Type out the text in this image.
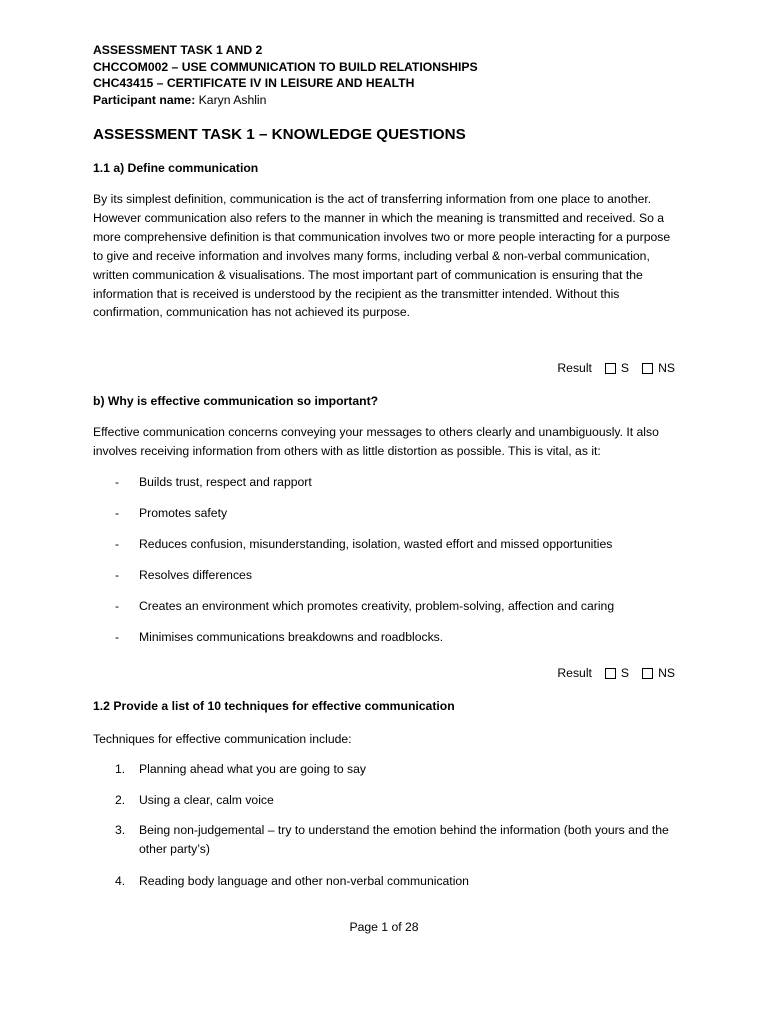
ASSESSMENT TASK 1 AND 2
CHCCOM002 – USE COMMUNICATION TO BUILD RELATIONSHIPS
CHC43415 – CERTIFICATE IV IN LEISURE AND HEALTH
Participant name: Karyn Ashlin
ASSESSMENT TASK 1 – KNOWLEDGE QUESTIONS
1.1 a) Define communication
By its simplest definition, communication is the act of transferring information from one place to another. However communication also refers to the manner in which the meaning is transmitted and received. So a more comprehensive definition is that communication involves two or more people interacting for a purpose to give and receive information and involves many forms, including verbal & non-verbal communication, written communication & visualisations. The most important part of communication is ensuring that the information that is received is understood by the recipient as the transmitter intended. Without this confirmation, communication has not achieved its purpose.
Result S NS
b) Why is effective communication so important?
Effective communication concerns conveying your messages to others clearly and unambiguously. It also involves receiving information from others with as little distortion as possible. This is vital, as it:
-	Builds trust, respect and rapport
-	Promotes safety
-	Reduces confusion, misunderstanding, isolation, wasted effort and missed opportunities
-	Resolves differences
-	Creates an environment which promotes creativity, problem-solving, affection and caring
-	Minimises communications breakdowns and roadblocks.
Result S NS
1.2 Provide a list of 10 techniques for effective communication
Techniques for effective communication include:
1.	Planning ahead what you are going to say
2.	Using a clear, calm voice
3.	Being non-judgemental – try to understand the emotion behind the information (both yours and the other party’s)
4.	Reading body language and other non-verbal communication
Page 1 of 28
